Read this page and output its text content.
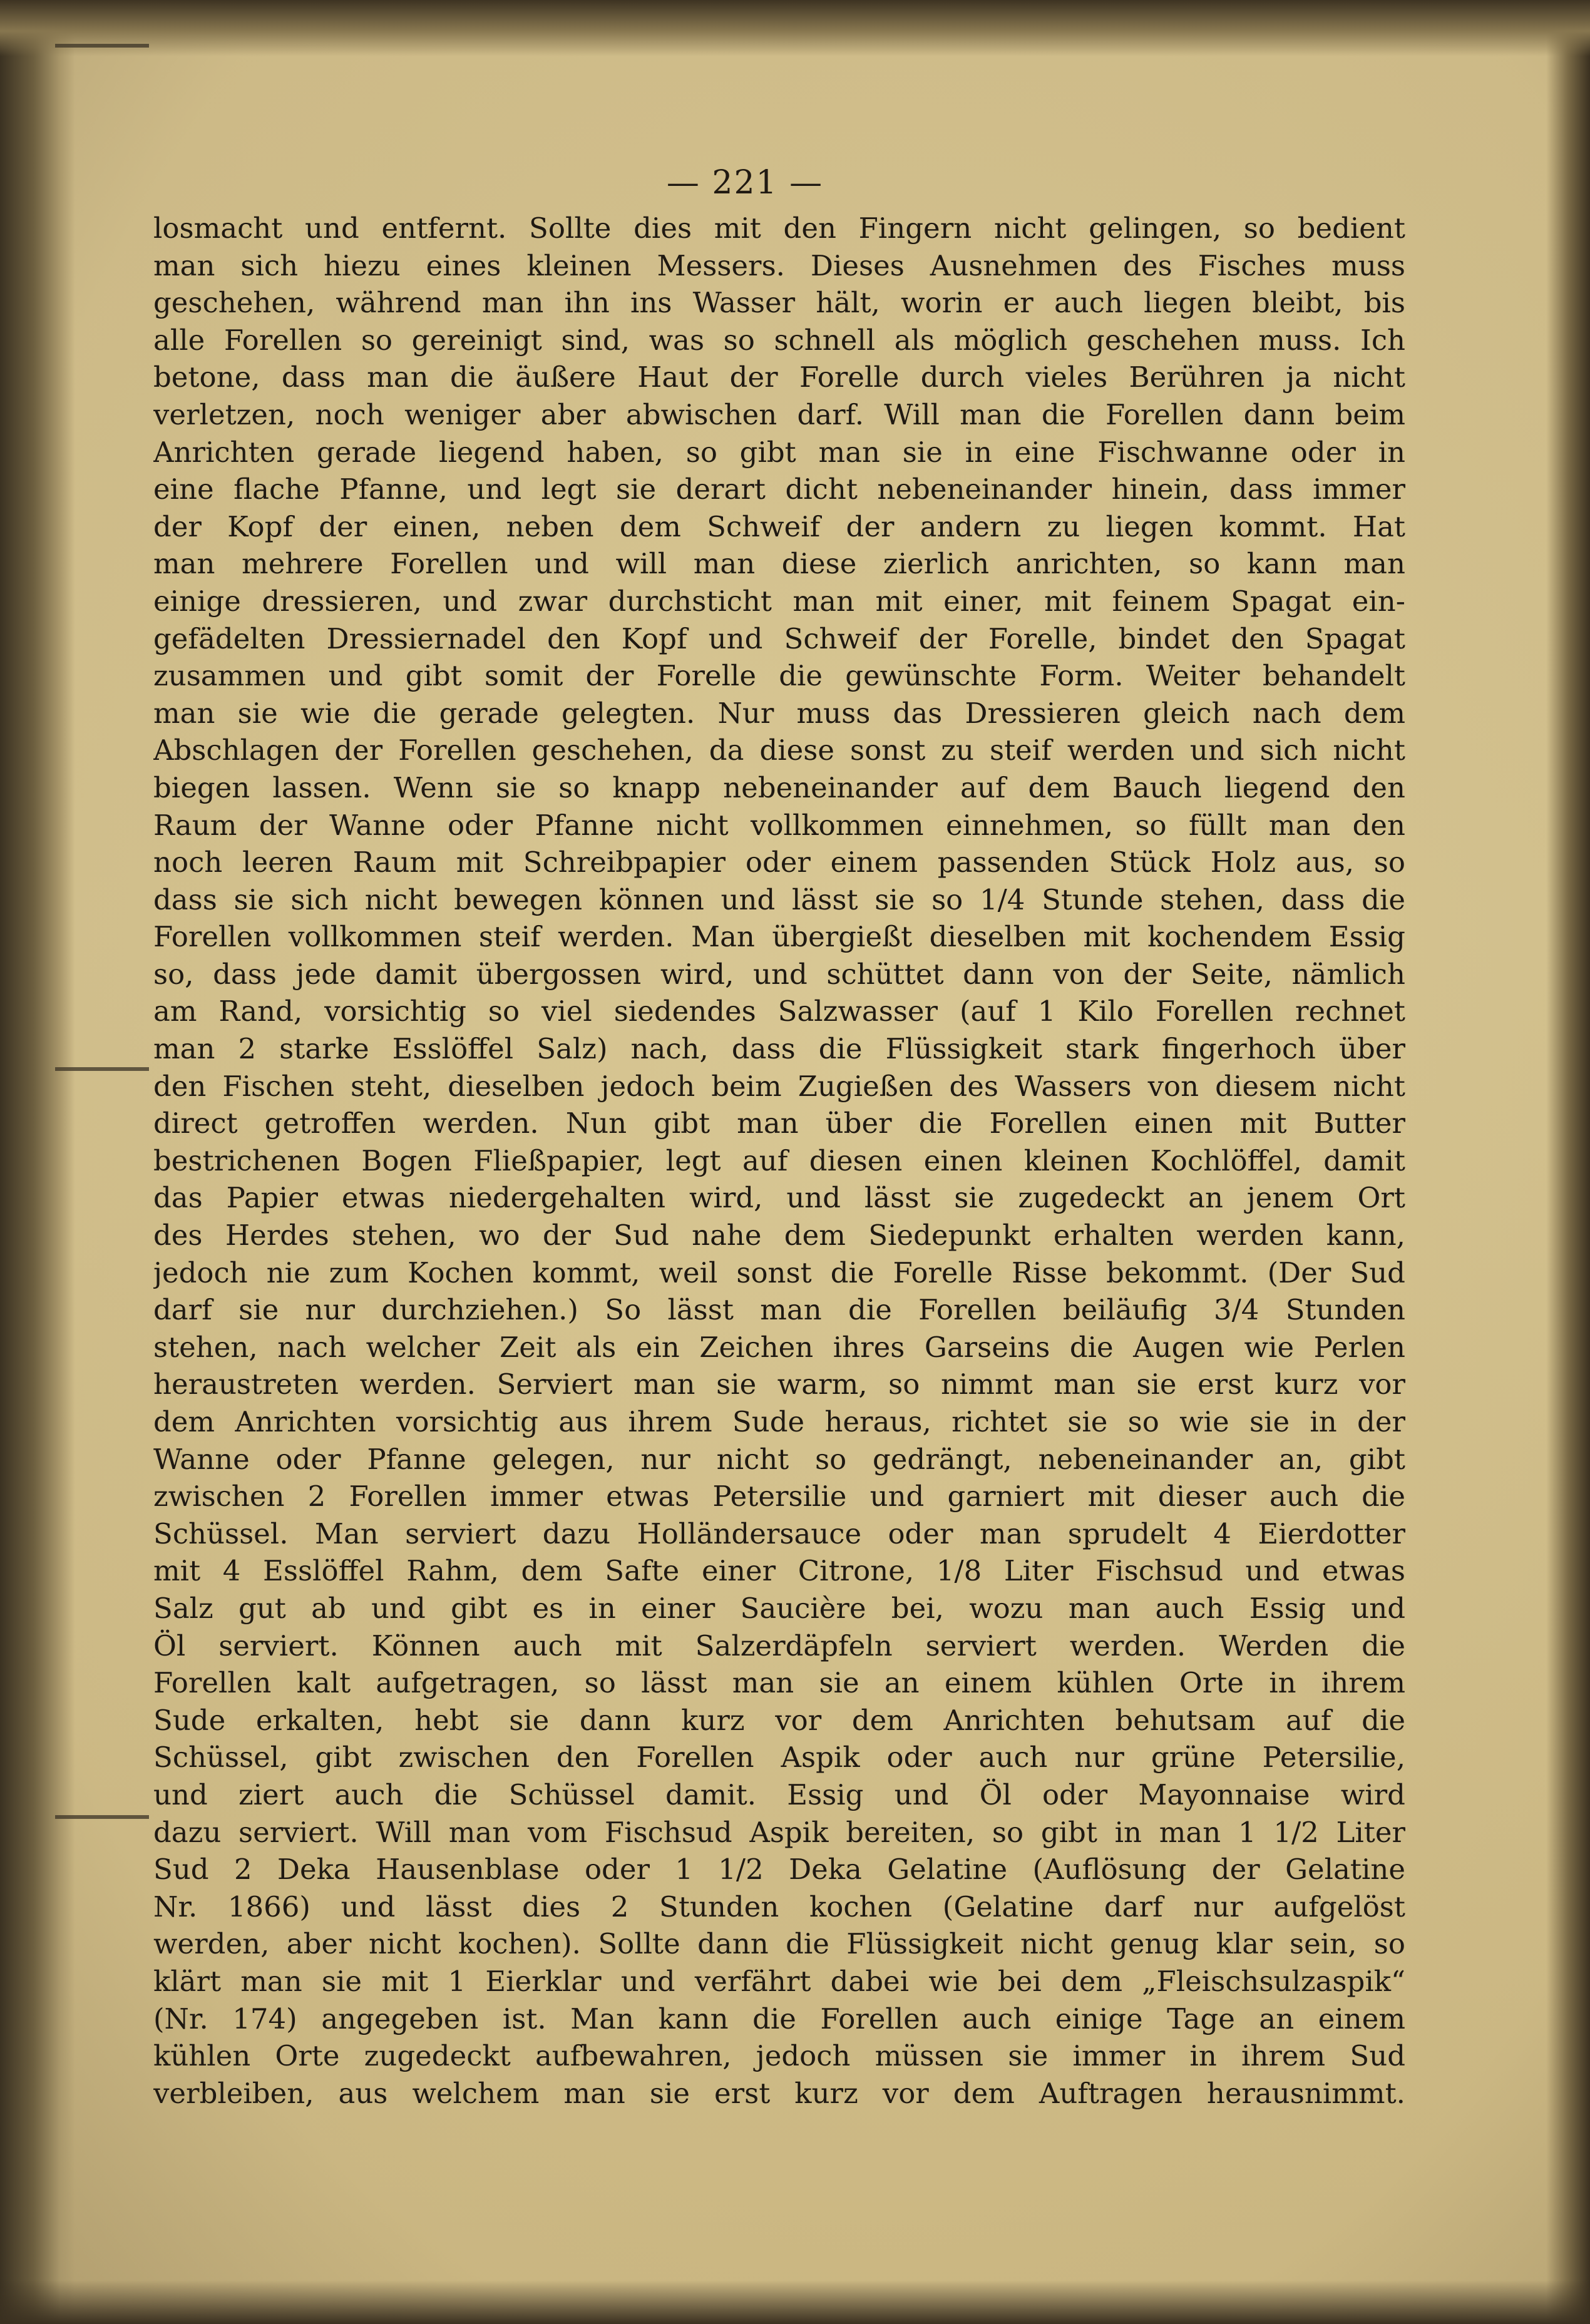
— 221 —
losmacht und entfernt. Sollte dies mit den Fingern nicht gelingen, so bedient
man sich hiezu eines kleinen Messers. Dieses Ausnehmen des Fisches muss
geschehen, während man ihn ins Wasser hält, worin er auch liegen bleibt, bis
alle Forellen so gereinigt sind, was so schnell als möglich geschehen muss. Ich
betone, dass man die äußere Haut der Forelle durch vieles Berühren ja nicht
verletzen, noch weniger aber abwischen darf. Will man die Forellen dann beim
Anrichten gerade liegend haben, so gibt man sie in eine Fischwanne oder in
eine flache Pfanne, und legt sie derart dicht nebeneinander hinein, dass immer
der Kopf der einen, neben dem Schweif der andern zu liegen kommt. Hat
man mehrere Forellen und will man diese zierlich anrichten, so kann man
einige dressieren, und zwar durchsticht man mit einer, mit feinem Spagat ein-
gefädelten Dressiernadel den Kopf und Schweif der Forelle, bindet den Spagat
zusammen und gibt somit der Forelle die gewünschte Form. Weiter behandelt
man sie wie die gerade gelegten. Nur muss das Dressieren gleich nach dem
Abschlagen der Forellen geschehen, da diese sonst zu steif werden und sich nicht
biegen lassen. Wenn sie so knapp nebeneinander auf dem Bauch liegend den
Raum der Wanne oder Pfanne nicht vollkommen einnehmen, so füllt man den
noch leeren Raum mit Schreibpapier oder einem passenden Stück Holz aus, so
dass sie sich nicht bewegen können und lässt sie so 1/4 Stunde stehen, dass die
Forellen vollkommen steif werden. Man übergießt dieselben mit kochendem Essig
so, dass jede damit übergossen wird, und schüttet dann von der Seite, nämlich
am Rand, vorsichtig so viel siedendes Salzwasser (auf 1 Kilo Forellen rechnet
man 2 starke Esslöffel Salz) nach, dass die Flüssigkeit stark fingerhoch über
den Fischen steht, dieselben jedoch beim Zugießen des Wassers von diesem nicht
direct getroffen werden. Nun gibt man über die Forellen einen mit Butter
bestrichenen Bogen Fließpapier, legt auf diesen einen kleinen Kochlöffel, damit
das Papier etwas niedergehalten wird, und lässt sie zugedeckt an jenem Ort
des Herdes stehen, wo der Sud nahe dem Siedepunkt erhalten werden kann,
jedoch nie zum Kochen kommt, weil sonst die Forelle Risse bekommt. (Der Sud
darf sie nur durchziehen.) So lässt man die Forellen beiläufig 3/4 Stunden
stehen, nach welcher Zeit als ein Zeichen ihres Garseins die Augen wie Perlen
heraustreten werden. Serviert man sie warm, so nimmt man sie erst kurz vor
dem Anrichten vorsichtig aus ihrem Sude heraus, richtet sie so wie sie in der
Wanne oder Pfanne gelegen, nur nicht so gedrängt, nebeneinander an, gibt
zwischen 2 Forellen immer etwas Petersilie und garniert mit dieser auch die
Schüssel. Man serviert dazu Holländersauce oder man sprudelt 4 Eierdotter
mit 4 Esslöffel Rahm, dem Safte einer Citrone, 1/8 Liter Fischsud und etwas
Salz gut ab und gibt es in einer Saucière bei, wozu man auch Essig und
Öl serviert. Können auch mit Salzerdäpfeln serviert werden. Werden die
Forellen kalt aufgetragen, so lässt man sie an einem kühlen Orte in ihrem
Sude erkalten, hebt sie dann kurz vor dem Anrichten behutsam auf die
Schüssel, gibt zwischen den Forellen Aspik oder auch nur grüne Petersilie,
und ziert auch die Schüssel damit. Essig und Öl oder Mayonnaise wird
dazu serviert. Will man vom Fischsud Aspik bereiten, so gibt in man 1 1/2 Liter
Sud 2 Deka Hausenblase oder 1 1/2 Deka Gelatine (Auflösung der Gelatine
Nr. 1866) und lässt dies 2 Stunden kochen (Gelatine darf nur aufgelöst
werden, aber nicht kochen). Sollte dann die Flüssigkeit nicht genug klar sein, so
klärt man sie mit 1 Eierklar und verfährt dabei wie bei dem „Fleischsulzaspik“
(Nr. 174) angegeben ist. Man kann die Forellen auch einige Tage an einem
kühlen Orte zugedeckt aufbewahren, jedoch müssen sie immer in ihrem Sud
verbleiben, aus welchem man sie erst kurz vor dem Auftragen herausnimmt.
